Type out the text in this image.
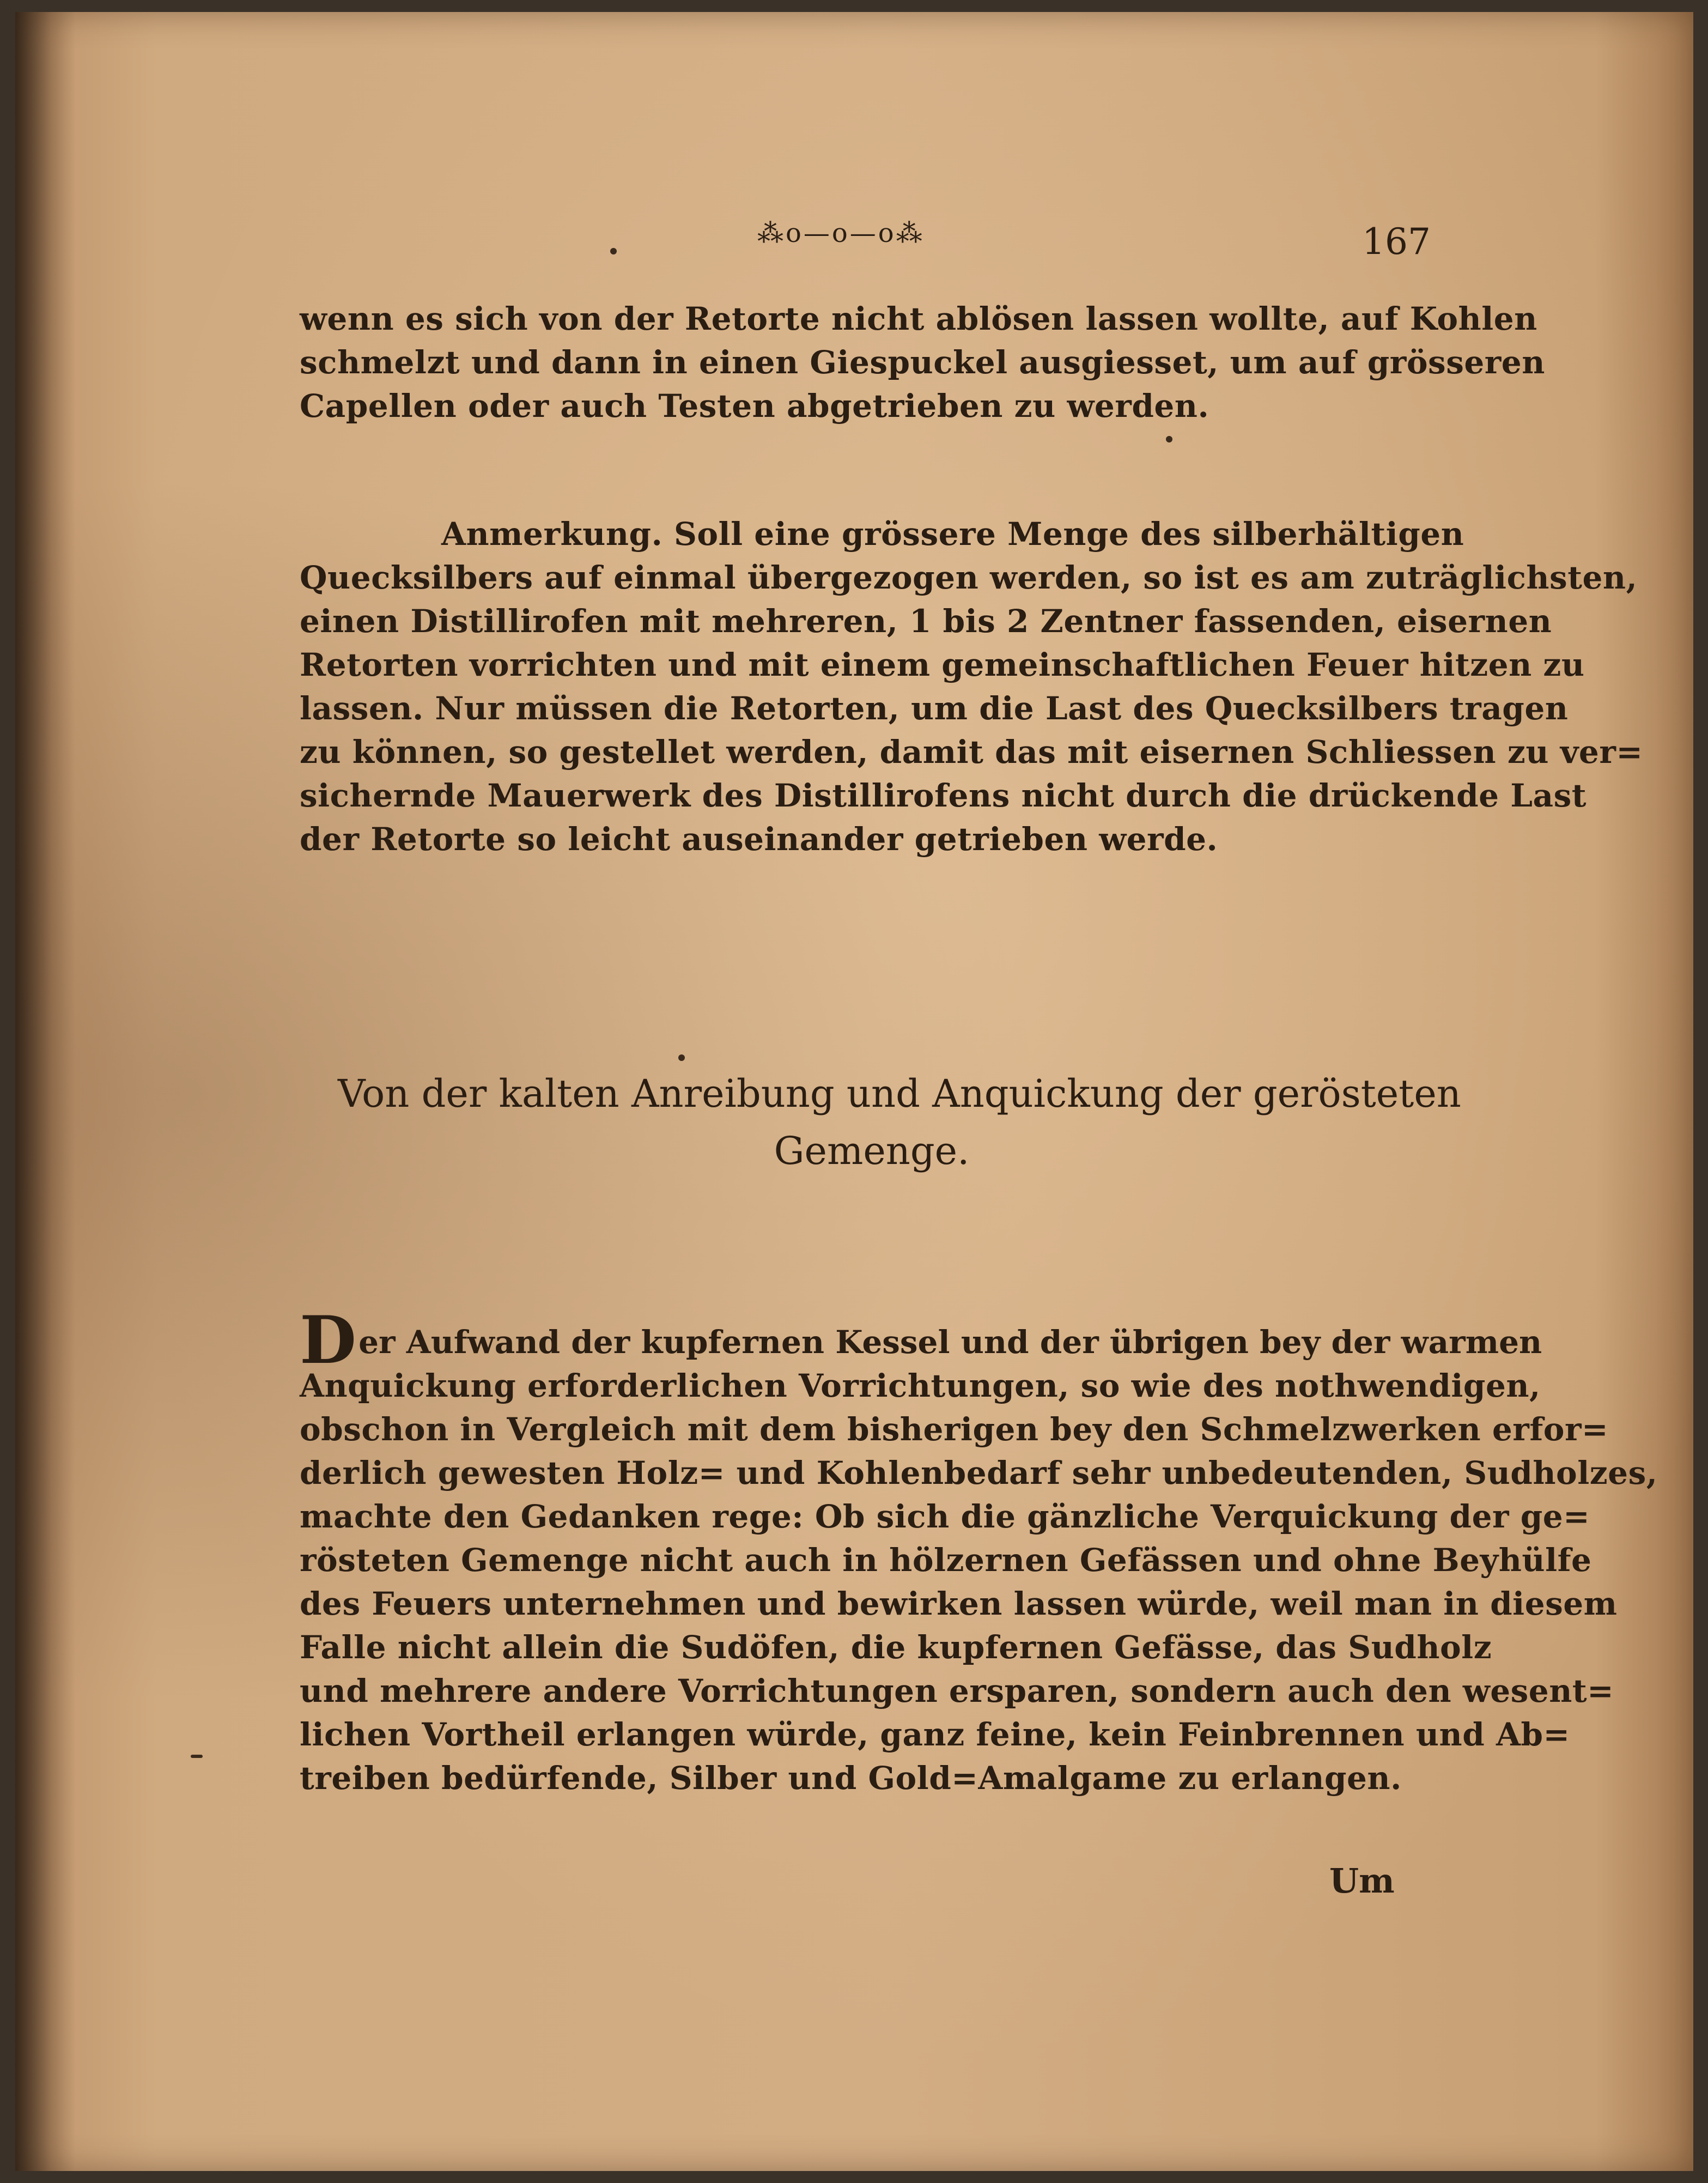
⁂o—o—o⁂	167
wenn es sich von der Retorte nicht ablösen lassen wollte, auf Kohlen
schmelzt und dann in einen Giespuckel ausgiesset, um auf grösseren
Capellen oder auch Testen abgetrieben zu werden.
Anmerkung. Soll eine grössere Menge des silberhältigen
Quecksilbers auf einmal übergezogen werden, so ist es am zuträglichsten,
einen Distillirofen mit mehreren, 1 bis 2 Zentner fassenden, eisernen
Retorten vorrichten und mit einem gemeinschaftlichen Feuer hitzen zu
lassen. Nur müssen die Retorten, um die Last des Quecksilbers tragen
zu können, so gestellet werden, damit das mit eisernen Schliessen zu ver=
sichernde Mauerwerk des Distillirofens nicht durch die drückende Last
der Retorte so leicht auseinander getrieben werde.
Von der kalten Anreibung und Anquickung der gerösteten
Gemenge.
Der Aufwand der kupfernen Kessel und der übrigen bey der warmen
Anquickung erforderlichen Vorrichtungen, so wie des nothwendigen,
obschon in Vergleich mit dem bisherigen bey den Schmelzwerken erfor=
derlich gewesten Holz= und Kohlenbedarf sehr unbedeutenden, Sudholzes,
machte den Gedanken rege: Ob sich die gänzliche Verquickung der ge=
rösteten Gemenge nicht auch in hölzernen Gefässen und ohne Beyhülfe
des Feuers unternehmen und bewirken lassen würde, weil man in diesem
Falle nicht allein die Sudöfen, die kupfernen Gefässe, das Sudholz
und mehrere andere Vorrichtungen ersparen, sondern auch den wesent=
lichen Vortheil erlangen würde, ganz feine, kein Feinbrennen und Ab=
treiben bedürfende, Silber und Gold=Amalgame zu erlangen.
Um
